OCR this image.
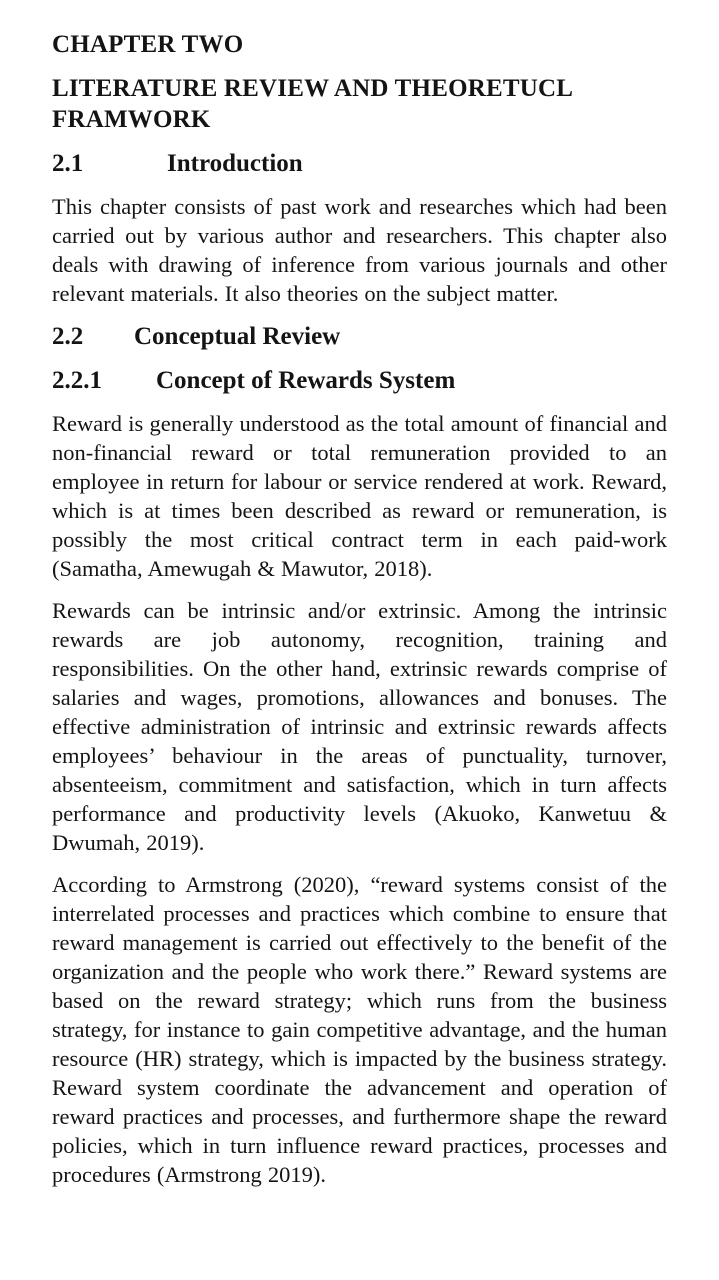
CHAPTER TWO
LITERATURE REVIEW AND THEORETUCL FRAMWORK
2.1	Introduction

This chapter consists of past work and researches which had been carried out by various author and researchers. This chapter also deals with drawing of inference from various journals and other relevant materials. It also theories on the subject matter.

2.2 Conceptual Review
2.2.1 Concept of Rewards System

Reward is generally understood as the total amount of financial and non-financial reward or total remuneration provided to an employee in return for labour or service rendered at work. Reward, which is at times been described as reward or remuneration, is possibly the most critical contract term in each paid-work (Samatha, Amewugah & Mawutor, 2018).

Rewards can be intrinsic and/or extrinsic. Among the intrinsic rewards are job autonomy, recognition, training and responsibilities. On the other hand, extrinsic rewards comprise of salaries and wages, promotions, allowances and bonuses. The effective administration of intrinsic and extrinsic rewards affects employees’ behaviour in the areas of punctuality, turnover, absenteeism, commitment and satisfaction, which in turn affects performance and productivity levels (Akuoko, Kanwetuu & Dwumah, 2019).

According to Armstrong (2020), “reward systems consist of the interrelated processes and practices which combine to ensure that reward management is carried out effectively to the benefit of the organization and the people who work there.” Reward systems are based on the reward strategy; which runs from the business strategy, for instance to gain competitive advantage, and the human resource (HR) strategy, which is impacted by the business strategy. Reward system coordinate the advancement and operation of reward practices and processes, and furthermore shape the reward policies, which in turn influence reward practices, processes and procedures (Armstrong 2019).
